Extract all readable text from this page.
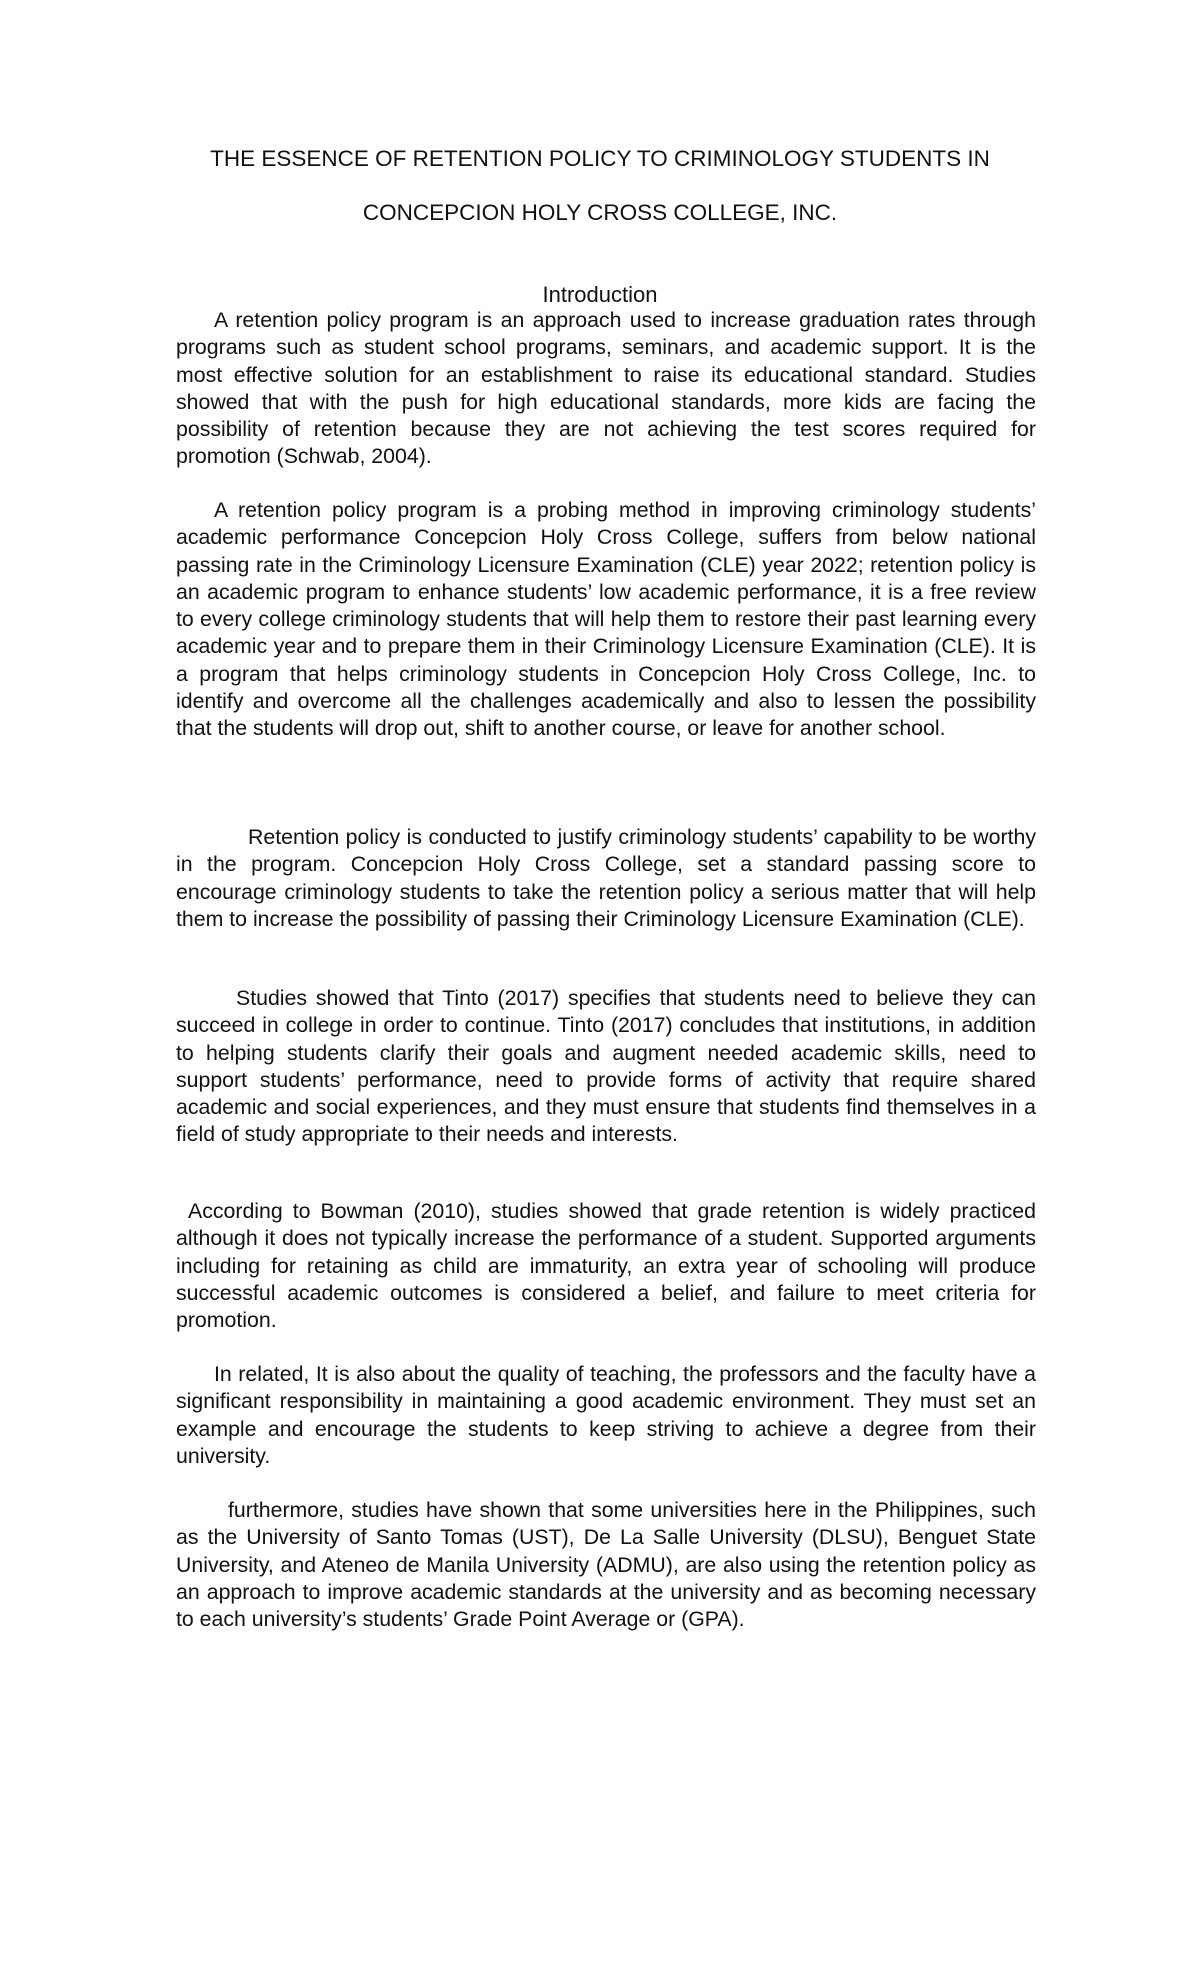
THE ESSENCE OF RETENTION POLICY TO CRIMINOLOGY STUDENTS IN
CONCEPCION HOLY CROSS COLLEGE, INC.
Introduction

A retention policy program is an approach used to increase graduation rates through programs such as student school programs, seminars, and academic support. It is the most effective solution for an establishment to raise its educational standard. Studies showed that with the push for high educational standards, more kids are facing the possibility of retention because they are not achieving the test scores required for promotion (Schwab, 2004).

A retention policy program is a probing method in improving criminology students’ academic performance Concepcion Holy Cross College, suffers from below national passing rate in the Criminology Licensure Examination (CLE) year 2022; retention policy is an academic program to enhance students’ low academic performance, it is a free review to every college criminology students that will help them to restore their past learning every academic year and to prepare them in their Criminology Licensure Examination (CLE). It is a program that helps criminology students in Concepcion Holy Cross College, Inc. to identify and overcome all the challenges academically and also to lessen the possibility that the students will drop out, shift to another course, or leave for another school.

Retention policy is conducted to justify criminology students’ capability to be worthy in the program. Concepcion Holy Cross College, set a standard passing score to encourage criminology students to take the retention policy a serious matter that will help them to increase the possibility of passing their Criminology Licensure Examination (CLE).

Studies showed that Tinto (2017) specifies that students need to believe they can succeed in college in order to continue. Tinto (2017) concludes that institutions, in addition to helping students clarify their goals and augment needed academic skills, need to support students’ performance, need to provide forms of activity that require shared academic and social experiences, and they must ensure that students find themselves in a field of study appropriate to their needs and interests.

According to Bowman (2010), studies showed that grade retention is widely practiced although it does not typically increase the performance of a student. Supported arguments including for retaining as child are immaturity, an extra year of schooling will produce successful academic outcomes is considered a belief, and failure to meet criteria for promotion.

In related, It is also about the quality of teaching, the professors and the faculty have a significant responsibility in maintaining a good academic environment. They must set an example and encourage the students to keep striving to achieve a degree from their university.

furthermore, studies have shown that some universities here in the Philippines, such as the University of Santo Tomas (UST), De La Salle University (DLSU), Benguet State University, and Ateneo de Manila University (ADMU), are also using the retention policy as an approach to improve academic standards at the university and as becoming necessary to each university’s students’ Grade Point Average or (GPA).
